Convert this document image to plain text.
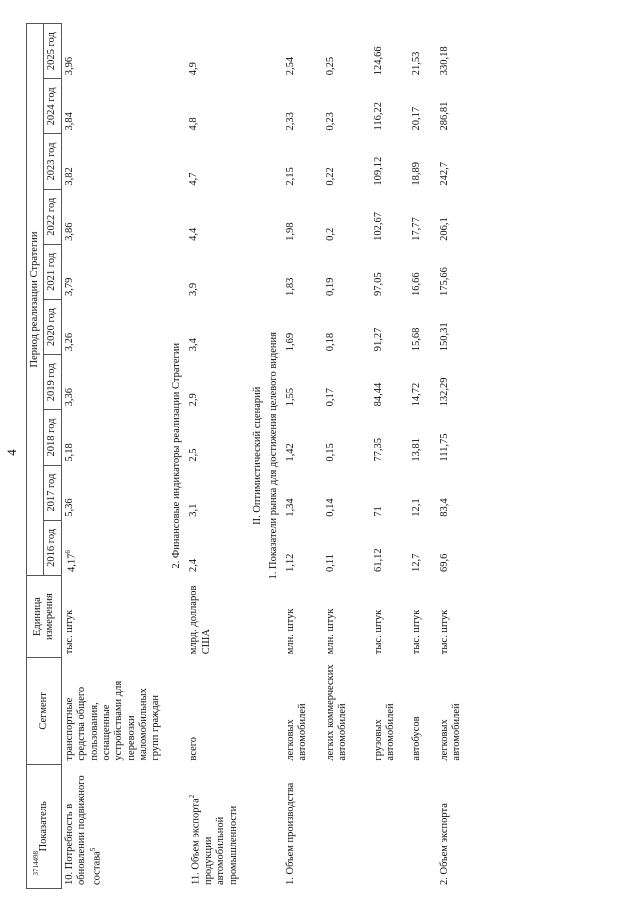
3714498
4
Показатель	Сегмент	Единица измерения	Период реализации Стратегии									
			2016 год	2017 год	2018 год	2019 год	2020 год	2021 год	2022 год	2023 год	2024 год	2025 год
10. Потребность в обновлении подвижного состава$^5$	транспортные средства общего пользования, оснащенные устройствами для перевозки маломобильных групп граждан	тыс. штук	4,17$^6$	5,36	5,18	3,36	3,26	3,79	3,86	3,82	3,84	3,96
2. Финансовые индикаторы реализации Стратегии												
11. Объем экспорта$^2$ продукции автомобильной промышленности	всего	млрд. долларов США	2,4	3,1	2,5	2,9	3,4	3,9	4,4	4,7	4,8	4,9
II. Оптимистический сценарий												
1. Показатели рынка для достижения целевого видения												
1. Объем производства	легковых автомобилей	млн. штук	1,12	1,34	1,42	1,55	1,69	1,83	1,98	2,15	2,33	2,54
	легких коммерческих автомобилей	млн. штук	0,11	0,14	0,15	0,17	0,18	0,19	0,2	0,22	0,23	0,25
	грузовых автомобилей	тыс. штук	61,12	71	77,35	84,44	91,27	97,05	102,67	109,12	116,22	124,66
	автобусов	тыс. штук	12,7	12,1	13,81	14,72	15,68	16,66	17,77	18,89	20,17	21,53
2. Объем экспорта	легковых автомобилей	тыс. штук	69,6	83,4	111,75	132,29	150,31	175,66	206,1	242,7	286,81	330,18
